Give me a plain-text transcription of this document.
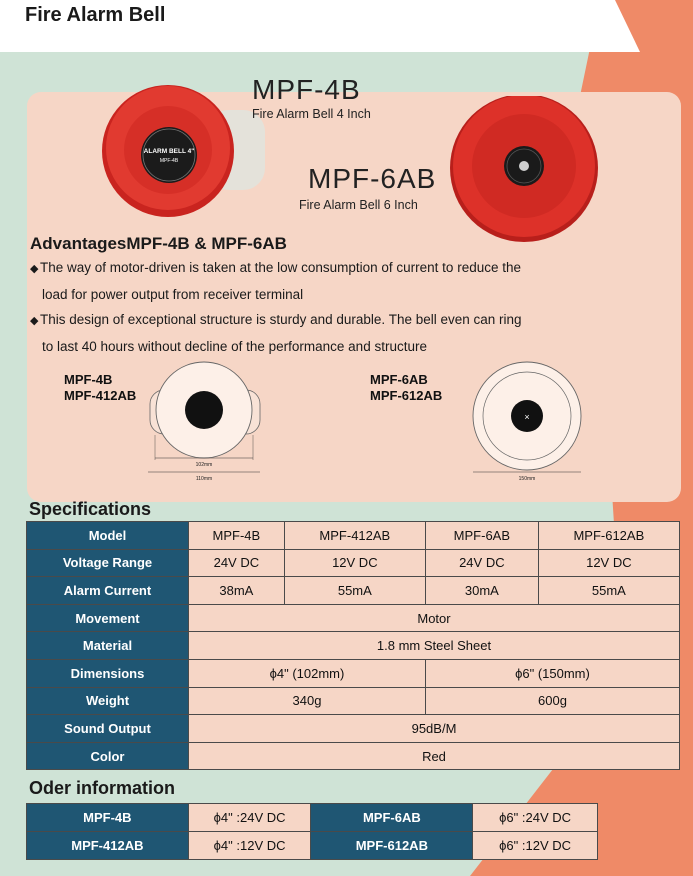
Fire Alarm Bell
ALARM BELL 4"
MPF-4B
MPF-4B
Fire Alarm Bell 4 Inch
MPF-6AB
Fire Alarm Bell 6 Inch
AdvantagesMPF-4B & MPF-6AB
◆ The way of motor-driven is taken at the low consumption of current to reduce the
load for power output from receiver terminal
◆ This design of exceptional structure is sturdy and durable. The bell even can ring
to last 40 hours without decline of the performance and structure
MPF-4B
MPF-412AB
102mm
110mm
MPF-6AB
MPF-612AB
×
150mm
Specifications
Model	MPF-4B	MPF-412AB	MPF-6AB	MPF-612AB
Voltage Range	24V DC	12V DC	24V DC	12V DC
Alarm Current	38mA	55mA	30mA	55mA
Movement	Motor			
Material	1.8 mm Steel Sheet			
Dimensions	ϕ4" (102mm)		ϕ6" (150mm)	
Weight	340g		600g	
Sound Output	95dB/M			
Color	Red			
Oder information
MPF-4B	ϕ4" :24V DC	MPF-6AB	ϕ6" :24V DC
MPF-412AB	ϕ4" :12V DC	MPF-612AB	ϕ6" :12V DC
